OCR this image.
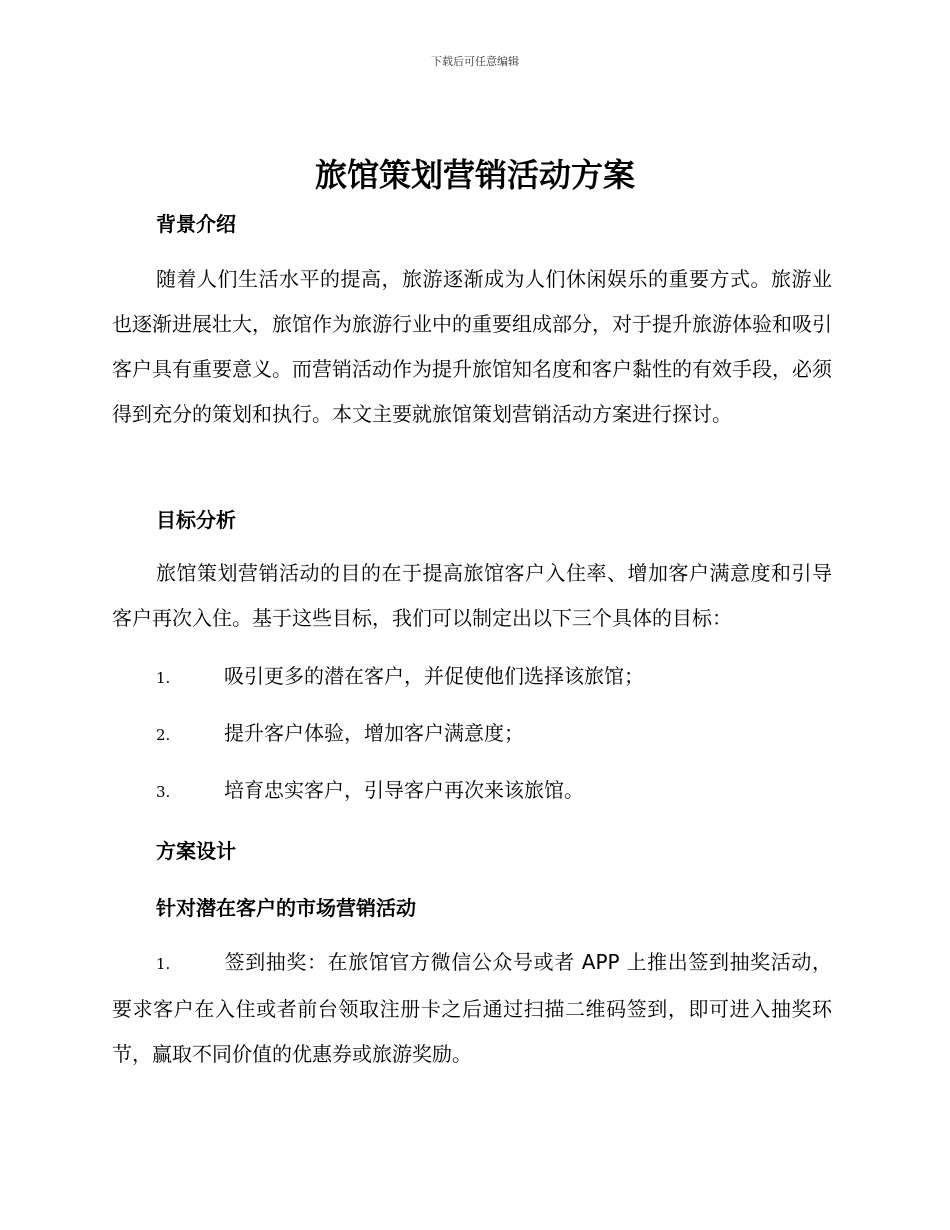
下载后可任意编辑
旅馆策划营销活动方案
背景介绍
随着人们生活水平的提高，旅游逐渐成为人们休闲娱乐的重要方式。旅游业也逐渐进展壮大，旅馆作为旅游行业中的重要组成部分，对于提升旅游体验和吸引客户具有重要意义。而营销活动作为提升旅馆知名度和客户黏性的有效手段，必须得到充分的策划和执行。本文主要就旅馆策划营销活动方案进行探讨。
目标分析
旅馆策划营销活动的目的在于提高旅馆客户入住率、增加客户满意度和引导客户再次入住。基于这些目标，我们可以制定出以下三个具体的目标：
1.	吸引更多的潜在客户，并促使他们选择该旅馆；
2.	提升客户体验，增加客户满意度；
3.	培育忠实客户，引导客户再次来该旅馆。
方案设计
针对潜在客户的市场营销活动
1.	签到抽奖：在旅馆官方微信公众号或者 APP 上推出签到抽奖活动，要求客户在入住或者前台领取注册卡之后通过扫描二维码签到，即可进入抽奖环节，赢取不同价值的优惠券或旅游奖励。
